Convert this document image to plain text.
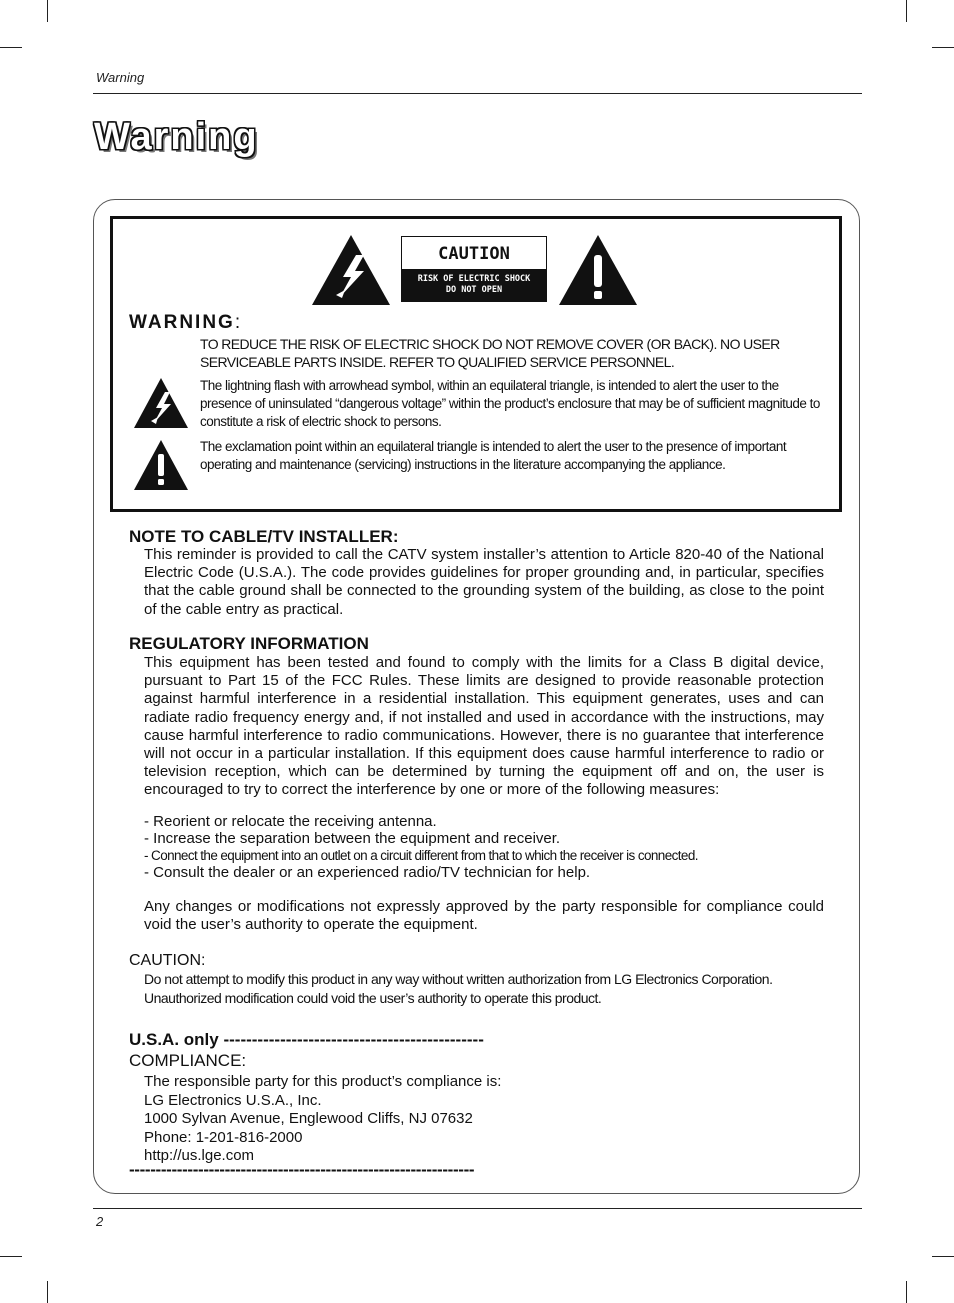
Warning
Warning
CAUTION
RISK OF ELECTRIC SHOCK
DO NOT OPEN
WARNING:
TO REDUCE THE RISK OF ELECTRIC SHOCK DO NOT REMOVE COVER (OR BACK). NO USER SERVICEABLE PARTS INSIDE. REFER TO QUALIFIED SERVICE PERSONNEL.
The lightning flash with arrowhead symbol, within an equilateral triangle, is intended to alert the user to the presence of uninsulated “dangerous voltage” within the product’s enclosure that may be of sufficient magnitude to constitute a risk of electric shock to persons.
The exclamation point within an equilateral triangle is intended to alert the user to the presence of important operating and maintenance (servicing) instructions in the literature accompanying the appliance.
NOTE TO CABLE/TV INSTALLER:
This reminder is provided to call the CATV system installer’s attention to Article 820-40 of the National Electric Code (U.S.A.). The code provides guidelines for proper grounding and, in particular, specifies that the cable ground shall be connected to the grounding system of the building, as close to the point of the cable entry as practical.
REGULATORY INFORMATION
This equipment has been tested and found to comply with the limits for a Class B digital device, pursuant to Part 15 of the FCC Rules. These limits are designed to provide reasonable protection against harmful interference in a residential installation. This equipment generates, uses and can radiate radio frequency energy and, if not installed and used in accordance with the instructions, may cause harmful interference to radio communications. However, there is no guarantee that interference will not occur in a particular installation. If this equipment does cause harmful interference to radio or television reception, which can be determined by turning the equipment off and on, the user is encouraged to try to correct the interference by one or more of the following measures:
- Reorient or relocate the receiving antenna.
- Increase the separation between the equipment and receiver.
- Connect the equipment into an outlet on a circuit different from that to which the receiver is connected.
- Consult the dealer or an experienced radio/TV technician for help.
Any changes or modifications not expressly approved by the party responsible for compliance could void the user’s authority to operate the equipment.
CAUTION:
Do not attempt to modify this product in any way without written authorization from LG Electronics Corporation. Unauthorized modification could void the user’s authority to operate this product.
U.S.A. only ----------------------------------------------
COMPLIANCE:
The responsible party for this product’s compliance is:
LG Electronics U.S.A., Inc.
1000 Sylvan Avenue, Englewood Cliffs, NJ 07632
Phone: 1-201-816-2000
http://us.lge.com
-----------------------------------------------------------------
2
